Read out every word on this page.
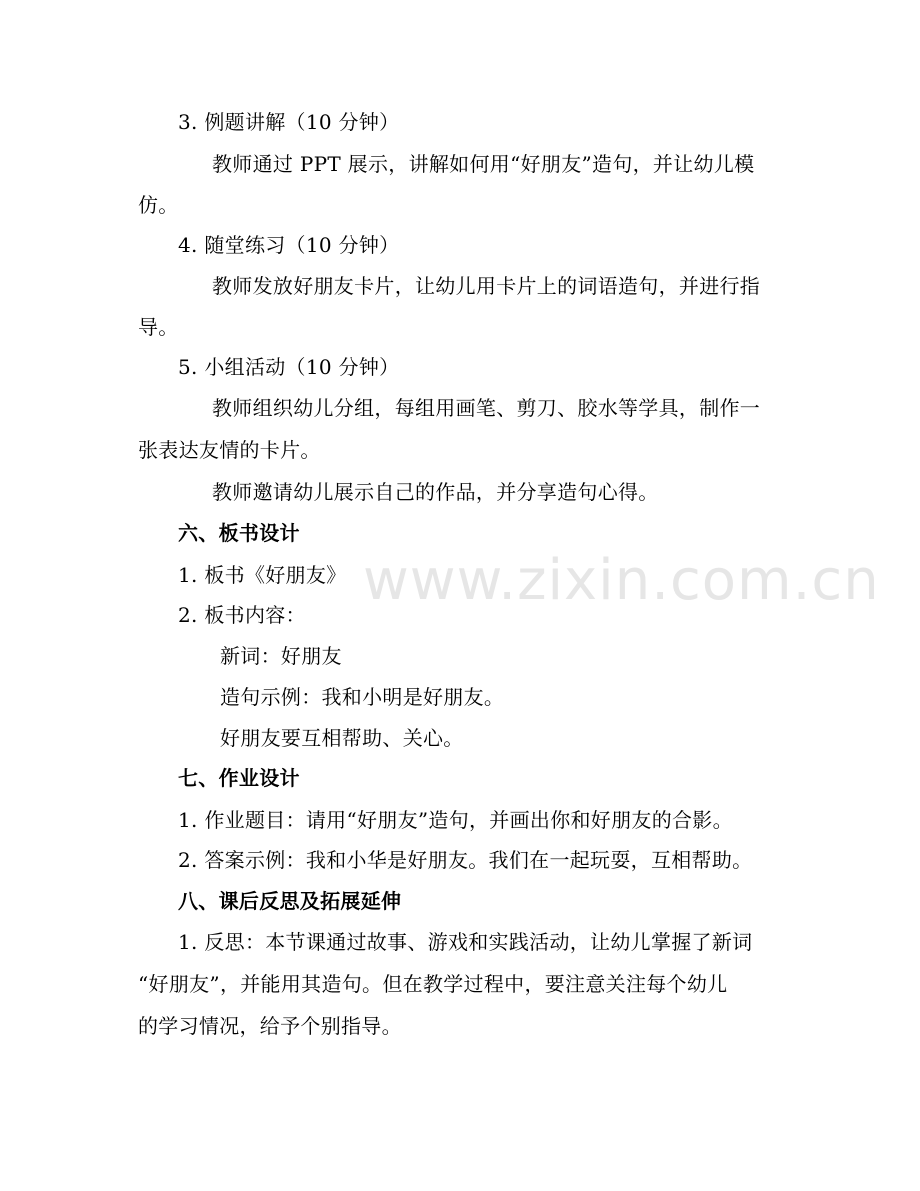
www.zixin.com.cn
3. 例题讲解（10 分钟）
教师通过 PPT 展示，讲解如何用“好朋友”造句，并让幼儿模
仿。
4. 随堂练习（10 分钟）
教师发放好朋友卡片，让幼儿用卡片上的词语造句，并进行指
导。
5. 小组活动（10 分钟）
教师组织幼儿分组，每组用画笔、剪刀、胶水等学具，制作一
张表达友情的卡片。
教师邀请幼儿展示自己的作品，并分享造句心得。
六、板书设计
1. 板书《好朋友》
2. 板书内容：
新词：好朋友
造句示例：我和小明是好朋友。
好朋友要互相帮助、关心。
七、作业设计
1. 作业题目：请用“好朋友”造句，并画出你和好朋友的合影。
2. 答案示例：我和小华是好朋友。我们在一起玩耍，互相帮助。
八、课后反思及拓展延伸
1. 反思：本节课通过故事、游戏和实践活动，让幼儿掌握了新词
“好朋友”，并能用其造句。但在教学过程中，要注意关注每个幼儿
的学习情况，给予个别指导。
